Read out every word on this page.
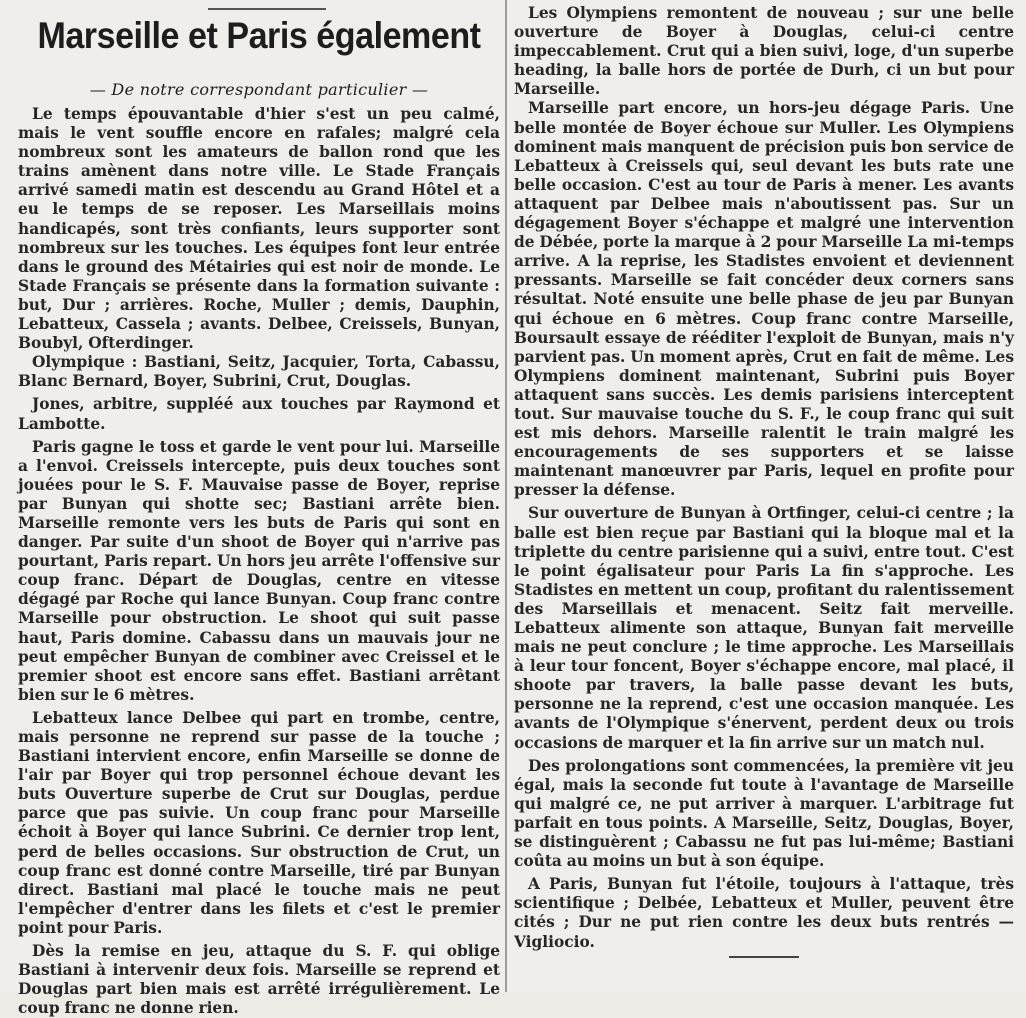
Marseille et Paris également
— De notre correspondant particulier —

Le temps épouvantable d'hier s'est un peu calmé, mais le vent souffle encore en rafales; malgré cela nombreux sont les amateurs de ballon rond que les trains amènent dans notre ville. Le Stade Français arrivé samedi matin est descendu au Grand Hôtel et a eu le temps de se reposer. Les Marseillais moins handicapés, sont très confiants, leurs supporter sont nombreux sur les touches. Les équipes font leur entrée dans le ground des Métairies qui est noir de monde. Le Stade Français se présente dans la formation suivante : but, Dur ; arrières. Roche, Muller ; demis, Dauphin, Lebatteux, Cassela ; avants. Delbee, Creissels, Bunyan, Boubyl, Ofterdinger.

Olympique : Bastiani, Seitz, Jacquier, Torta, Cabassu, Blanc Bernard, Boyer, Subrini, Crut, Douglas.

Jones, arbitre, suppléé aux touches par Raymond et Lambotte.

Paris gagne le toss et garde le vent pour lui. Marseille a l'envoi. Creissels intercepte, puis deux touches sont jouées pour le S. F. Mauvaise passe de Boyer, reprise par Bunyan qui shotte sec; Bastiani arrête bien. Marseille remonte vers les buts de Paris qui sont en danger. Par suite d'un shoot de Boyer qui n'arrive pas pourtant, Paris repart. Un hors jeu arrête l'offensive sur coup franc. Départ de Douglas, centre en vitesse dégagé par Roche qui lance Bunyan. Coup franc contre Marseille pour obstruction. Le shoot qui suit passe haut, Paris domine. Cabassu dans un mauvais jour ne peut empêcher Bunyan de combiner avec Creissel et le premier shoot est encore sans effet. Bastiani arrêtant bien sur le 6 mètres.

Lebatteux lance Delbee qui part en trombe, centre, mais personne ne reprend sur passe de la touche ; Bastiani intervient encore, enfin Marseille se donne de l'air par Boyer qui trop personnel échoue devant les buts Ouverture superbe de Crut sur Douglas, perdue parce que pas suivie. Un coup franc pour Marseille échoit à Boyer qui lance Subrini. Ce dernier trop lent, perd de belles occasions. Sur obstruction de Crut, un coup franc est donné contre Marseille, tiré par Bunyan direct. Bastiani mal placé le touche mais ne peut l'empêcher d'entrer dans les filets et c'est le premier point pour Paris.

Dès la remise en jeu, attaque du S. F. qui oblige Bastiani à intervenir deux fois. Marseille se reprend et Douglas part bien mais est arrêté irrégulièrement. Le coup franc ne donne rien.

Les Olympiens remontent de nouveau ; sur une belle ouverture de Boyer à Douglas, celui-ci centre impeccablement. Crut qui a bien suivi, loge, d'un superbe heading, la balle hors de portée de Durh, ci un but pour Marseille.

Marseille part encore, un hors-jeu dégage Paris. Une belle montée de Boyer échoue sur Muller. Les Olympiens dominent mais manquent de précision puis bon service de Lebatteux à Creissels qui, seul devant les buts rate une belle occasion. C'est au tour de Paris à mener. Les avants attaquent par Delbee mais n'aboutissent pas. Sur un dégagement Boyer s'échappe et malgré une intervention de Débée, porte la marque à 2 pour Marseille La mi-temps arrive. A la reprise, les Stadistes envoient et deviennent pressants. Marseille se fait concéder deux corners sans résultat. Noté ensuite une belle phase de jeu par Bunyan qui échoue en 6 mètres. Coup franc contre Marseille, Boursault essaye de rééditer l'exploit de Bunyan, mais n'y parvient pas. Un moment après, Crut en fait de même. Les Olympiens dominent maintenant, Subrini puis Boyer attaquent sans succès. Les demis parisiens interceptent tout. Sur mauvaise touche du S. F., le coup franc qui suit est mis dehors. Marseille ralentit le train malgré les encouragements de ses supporters et se laisse maintenant manœuvrer par Paris, lequel en profite pour presser la défense.

Sur ouverture de Bunyan à Ortfinger, celui-ci centre ; la balle est bien reçue par Bastiani qui la bloque mal et la triplette du centre parisienne qui a suivi, entre tout. C'est le point égalisateur pour Paris La fin s'approche. Les Stadistes en mettent un coup, profitant du ralentissement des Marseillais et menacent. Seitz fait merveille. Lebatteux alimente son attaque, Bunyan fait merveille mais ne peut conclure ; le time approche. Les Marseillais à leur tour foncent, Boyer s'échappe encore, mal placé, il shoote par travers, la balle passe devant les buts, personne ne la reprend, c'est une occasion manquée. Les avants de l'Olympique s'énervent, perdent deux ou trois occasions de marquer et la fin arrive sur un match nul.

Des prolongations sont commencées, la première vit jeu égal, mais la seconde fut toute à l'avantage de Marseille qui malgré ce, ne put arriver à marquer. L'arbitrage fut parfait en tous points. A Marseille, Seitz, Douglas, Boyer, se distinguèrent ; Cabassu ne fut pas lui-même; Bastiani coûta au moins un but à son équipe.

A Paris, Bunyan fut l'étoile, toujours à l'attaque, très scientifique ; Delbée, Lebatteux et Muller, peuvent être cités ; Dur ne put rien contre les deux buts rentrés — Vigliocio.
